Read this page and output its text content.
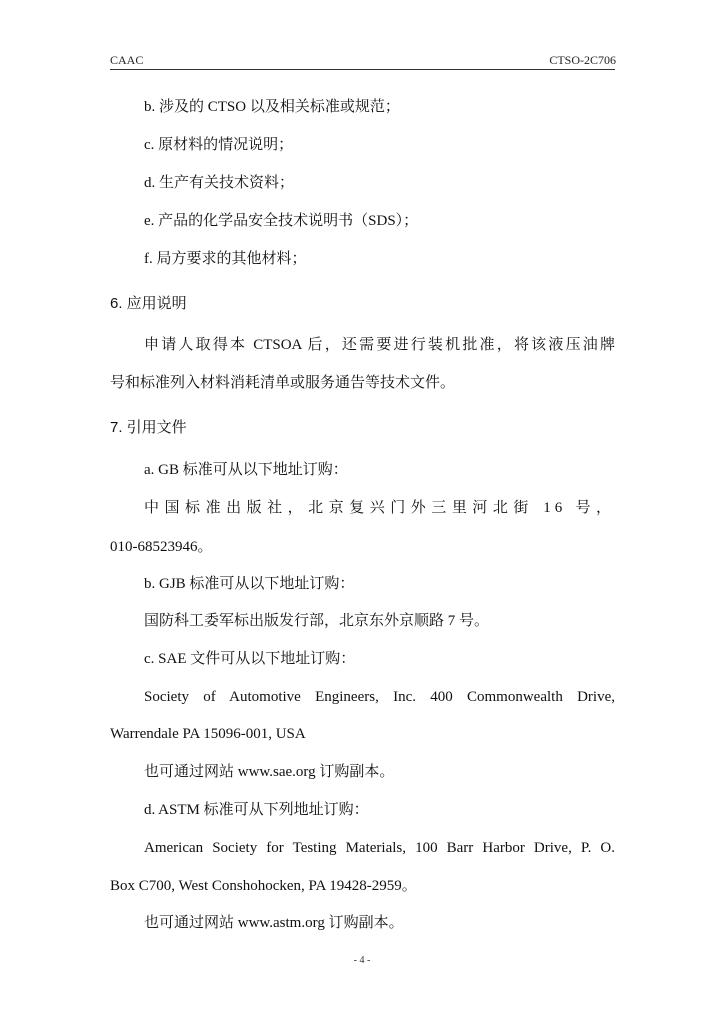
CAAC	CTSO-2C706
b. 涉及的 CTSO 以及相关标准或规范；
c. 原材料的情况说明；
d. 生产有关技术资料；
e. 产品的化学品安全技术说明书（SDS）；
f. 局方要求的其他材料；
6. 应用说明
申请人取得本 CTSOA 后，还需要进行装机批准，将该液压油牌
号和标准列入材料消耗清单或服务通告等技术文件。
7. 引用文件
a. GB 标准可从以下地址订购：
中国标准出版社，北京复兴门外三里河北街 16 号，
010-68523946。
b. GJB 标准可从以下地址订购：
国防科工委军标出版发行部，北京东外京顺路 7 号。
c. SAE 文件可从以下地址订购：
Society of Automotive Engineers, Inc. 400 Commonwealth Drive,
Warrendale PA 15096-001, USA
也可通过网站 www.sae.org 订购副本。
d. ASTM 标准可从下列地址订购：
American Society for Testing Materials, 100 Barr Harbor Drive, P. O.
Box C700, West Conshohocken, PA 19428-2959。
也可通过网站 www.astm.org 订购副本。
- 4 -
